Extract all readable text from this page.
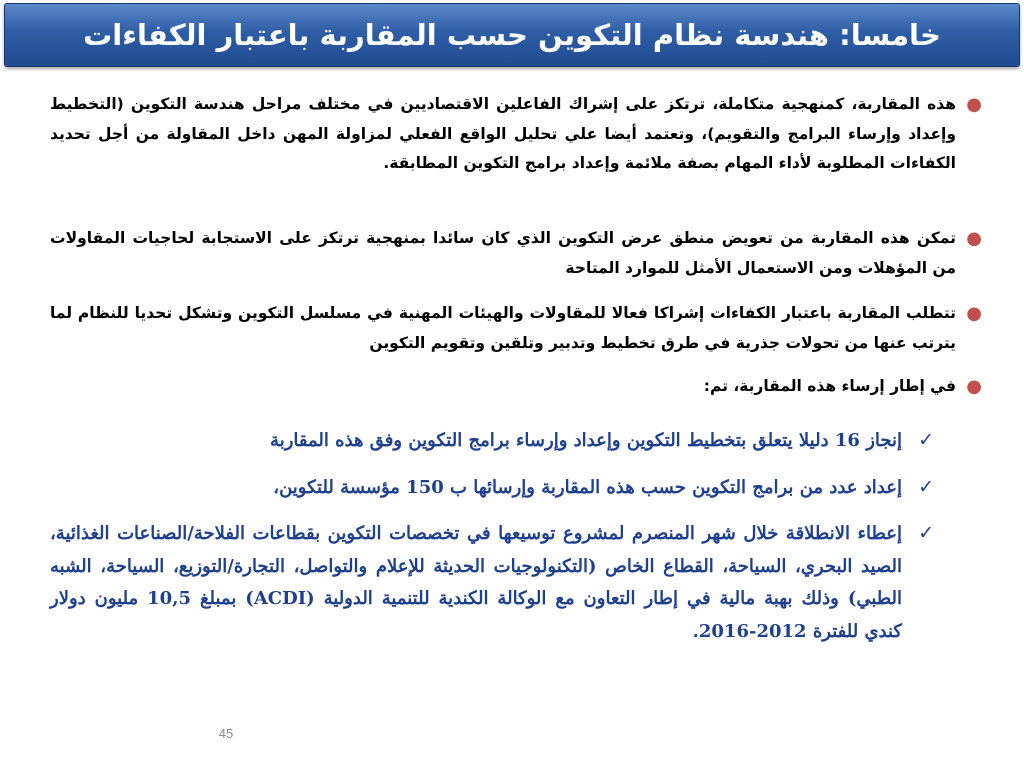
خامسا: هندسة نظام التكوين حسب المقاربة باعتبار الكفاءات
●
هذه المقاربة، كمنهجية متكاملة، ترتكز على إشراك الفاعلين الاقتصاديين في مختلف مراحل هندسة التكوين (التخطيط وإعداد وإرساء البرامج والتقويم)، وتعتمد أيضا علي تحليل الواقع الفعلي لمزاولة المهن داخل المقاولة من أجل تحديد الكفاءات المطلوبة لأداء المهام بصفة ملائمة وإعداد برامج التكوين المطابقة.
●
تمكن هذه المقاربة من تعويض منطق عرض التكوين الذي كان سائدا بمنهجية ترتكز على الاستجابة لحاجيات المقاولات من المؤهلات ومن الاستعمال الأمثل للموارد المتاحة
●
تتطلب المقاربة باعتبار الكفاءات إشراكا فعالا للمقاولات والهيئات المهنية في مسلسل التكوين وتشكل تحديا للنظام لما يترتب عنها من تحولات جذرية في طرق تخطيط وتدبير وتلقين وتقويم التكوين
●
في إطار إرساء هذه المقاربة، تم:
✓
إنجاز 16 دليلا يتعلق بتخطيط التكوين وإعداد وإرساء برامج التكوين وفق هذه المقاربة
✓
إعداد عدد من برامج التكوين حسب هذه المقاربة وإرسائها ب 150 مؤسسة للتكوين،
✓
إعطاء الانطلاقة خلال شهر المنصرم لمشروع توسيعها في تخصصات التكوين بقطاعات الفلاحة/الصناعات الغذائية، الصيد البحري، السياحة، القطاع الخاص (التكنولوجيات الحديثة للإعلام والتواصل، التجارة/التوزيع، السياحة، الشبه الطبي) وذلك بهبة مالية في إطار التعاون مع الوكالة الكندية للتنمية الدولية (ACDI) بمبلغ 10,5 مليون دولار كندي للفترة 2012-2016.
45
